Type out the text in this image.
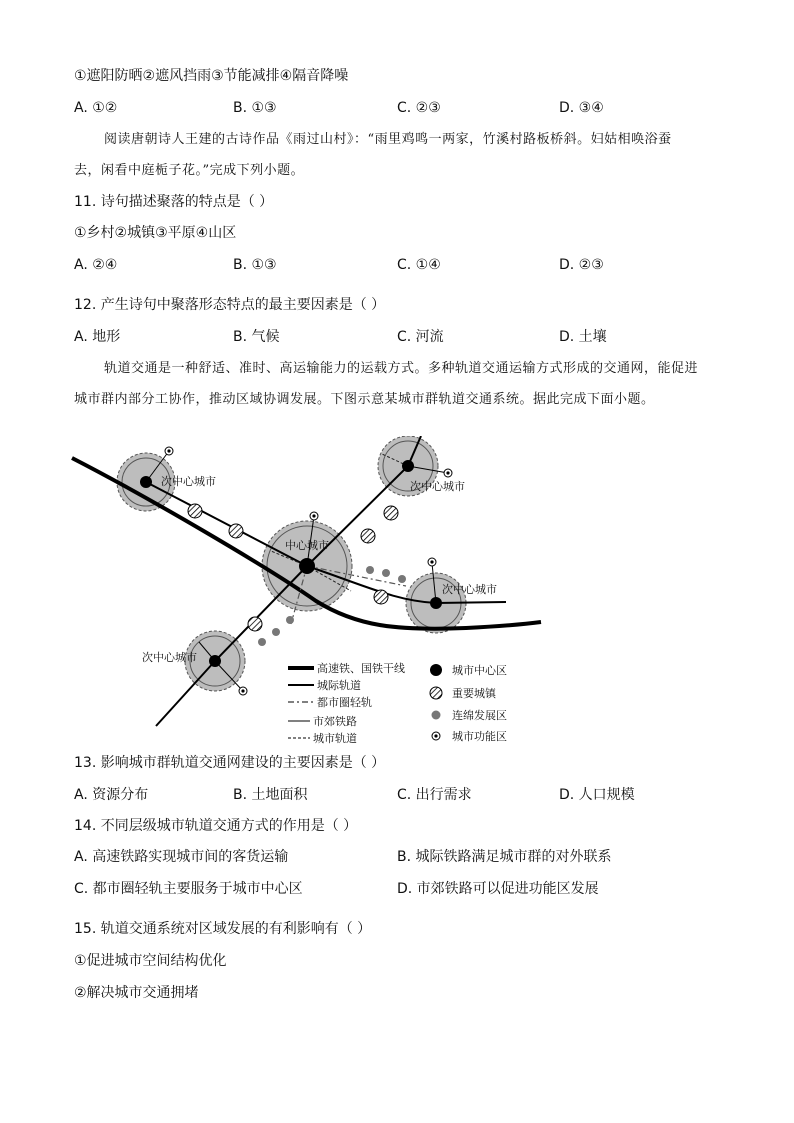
①遮阳防晒②遮风挡雨③节能减排④隔音降噪
A. ①②	B. ①③	C. ②③	D. ③④
阅读唐朝诗人王建的古诗作品《雨过山村》：“雨里鸡鸣一两家，竹溪村路板桥斜。妇姑相唤浴蚕
去，闲看中庭栀子花。”完成下列小题。
11. 诗句描述聚落的特点是（ ）
①乡村②城镇③平原④山区
A. ②④	B. ①③	C. ①④	D. ②③
12. 产生诗句中聚落形态特点的最主要因素是（ ）
A. 地形	B. 气候	C. 河流	D. 土壤
轨道交通是一种舒适、准时、高运输能力的运载方式。多种轨道交通运输方式形成的交通网，能促进
城市群内部分工协作，推动区域协调发展。下图示意某城市群轨道交通系统。据此完成下面小题。
次中心城市	次中心城市
中心城市
次中心城市
次中心城市
高速铁、国铁干线
城际轨道
都市圈轻轨
市郊铁路
城市轨道
城市中心区
重要城镇
连绵发展区
城市功能区
13. 影响城市群轨道交通网建设的主要因素是（ ）
A. 资源分布	B. 土地面积	C. 出行需求	D. 人口规模
14. 不同层级城市轨道交通方式的作用是（ ）
A. 高速铁路实现城市间的客货运输	B. 城际铁路满足城市群的对外联系
C. 都市圈轻轨主要服务于城市中心区	D. 市郊铁路可以促进功能区发展
15. 轨道交通系统对区域发展的有利影响有（ ）
①促进城市空间结构优化
②解决城市交通拥堵
